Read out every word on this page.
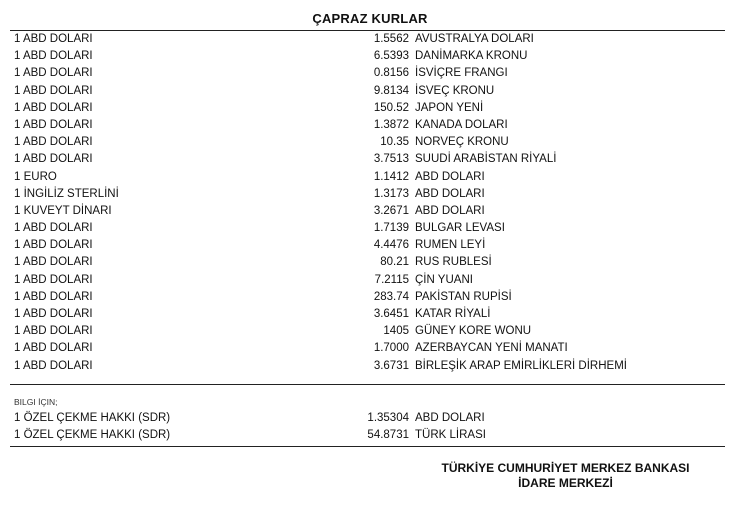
ÇAPRAZ KURLAR
1 ABD DOLARI	1.5562 AVUSTRALYA DOLARI
1 ABD DOLARI	6.5393 DANİMARKA KRONU
1 ABD DOLARI	0.8156 İSVİÇRE FRANGI
1 ABD DOLARI	9.8134 İSVEÇ KRONU
1 ABD DOLARI	150.52 JAPON YENİ
1 ABD DOLARI	1.3872 KANADA DOLARI
1 ABD DOLARI	10.35 NORVEÇ KRONU
1 ABD DOLARI	3.7513 SUUDİ ARABİSTAN RİYALİ
1 EURO	1.1412 ABD DOLARI
1 İNGİLİZ STERLİNİ	1.3173 ABD DOLARI
1 KUVEYT DİNARI	3.2671 ABD DOLARI
1 ABD DOLARI	1.7139 BULGAR LEVASI
1 ABD DOLARI	4.4476 RUMEN LEYİ
1 ABD DOLARI	80.21 RUS RUBLESİ
1 ABD DOLARI	7.2115 ÇİN YUANI
1 ABD DOLARI	283.74 PAKİSTAN RUPİSİ
1 ABD DOLARI	3.6451 KATAR RİYALİ
1 ABD DOLARI	1405 GÜNEY KORE WONU
1 ABD DOLARI	1.7000 AZERBAYCAN YENİ MANATI
1 ABD DOLARI	3.6731 BİRLEŞİK ARAP EMİRLİKLERİ DİRHEMİ
BILGI İÇIN;
1 ÖZEL ÇEKME HAKKI (SDR)	1.35304 ABD DOLARI
1 ÖZEL ÇEKME HAKKI (SDR)	54.8731 TÜRK LİRASI
TÜRKİYE CUMHURİYET MERKEZ BANKASI
İDARE MERKEZİ
